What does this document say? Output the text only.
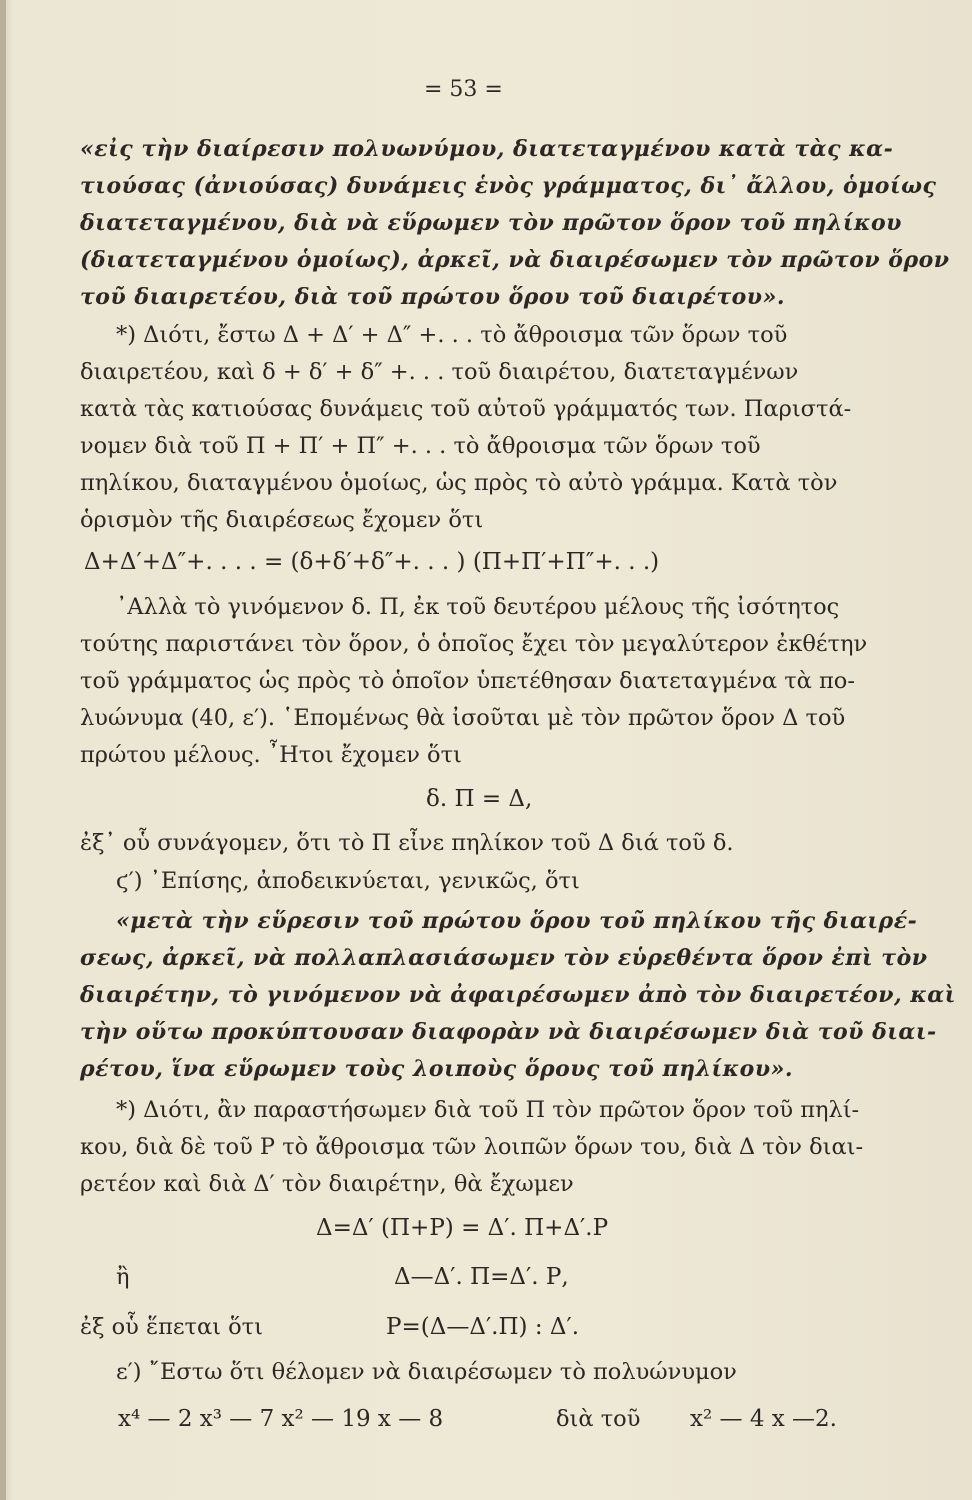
= 53 =
«εἰς τὴν διαίρεσιν πολυωνύμου, διατεταγμένου κατὰ τὰς κα-
τιούσας (ἀνιούσας) δυνάμεις ἑνὸς γράμματος, δι᾽ ἄλλου, ὁμοίως
διατεταγμένου, διὰ νὰ εὕρωμεν τὸν πρῶτον ὅρον τοῦ πηλίκου
(διατεταγμένου ὁμοίως), ἀρκεῖ, νὰ διαιρέσωμεν τὸν πρῶτον ὅρον
τοῦ διαιρετέου, διὰ τοῦ πρώτου ὅρου τοῦ διαιρέτου».
*) Διότι, ἔστω Δ + Δ′ + Δ″ +. . . τὸ ἄθροισμα τῶν ὅρων τοῦ
διαιρετέου, καὶ δ + δ′ + δ″ +. . . τοῦ διαιρέτου, διατεταγμένων
κατὰ τὰς κατιούσας δυνάμεις τοῦ αὐτοῦ γράμματός των. Παριστά-
νομεν διὰ τοῦ Π + Π′ + Π″ +. . . τὸ ἄθροισμα τῶν ὅρων τοῦ
πηλίκου, διαταγμένου ὁμοίως, ὡς πρὸς τὸ αὐτὸ γράμμα. Κατὰ τὸν
ὁρισμὸν τῆς διαιρέσεως ἔχομεν ὅτι
Δ+Δ′+Δ″+. . . . = (δ+δ′+δ″+. . . ) (Π+Π′+Π″+. . .)
᾽Αλλὰ τὸ γινόμενον δ. Π, ἐκ τοῦ δευτέρου μέλους τῆς ἰσότητος
τούτης παριστάνει τὸν ὅρον, ὁ ὁποῖος ἔχει τὸν μεγαλύτερον ἐκθέτην
τοῦ γράμματος ὡς πρὸς τὸ ὁποῖον ὑπετέθησαν διατεταγμένα τὰ πο-
λυώνυμα (40, ε′). ῾Επομένως θὰ ἰσοῦται μὲ τὸν πρῶτον ὅρον Δ τοῦ
πρώτου μέλους. ῏Ητοι ἔχομεν ὅτι
δ. Π = Δ,
ἐξ᾽ οὗ συνάγομεν, ὅτι τὸ Π εἶνε πηλίκον τοῦ Δ διά τοῦ δ.
ϛ′) ᾽Επίσης, ἀποδεικνύεται, γενικῶς, ὅτι
«μετὰ τὴν εὕρεσιν τοῦ πρώτου ὅρου τοῦ πηλίκου τῆς διαιρέ-
σεως, ἀρκεῖ, νὰ πολλαπλασιάσωμεν τὸν εὑρεθέντα ὅρον ἐπὶ τὸν
διαιρέτην, τὸ γινόμενον νὰ ἀφαιρέσωμεν ἀπὸ τὸν διαιρετέον, καὶ
τὴν οὕτω προκύπτουσαν διαφορὰν νὰ διαιρέσωμεν διὰ τοῦ διαι-
ρέτου, ἵνα εὕρωμεν τοὺς λοιποὺς ὅρους τοῦ πηλίκου».
*) Διότι, ἂν παραστήσωμεν διὰ τοῦ Π τὸν πρῶτον ὅρον τοῦ πηλί-
κου, διὰ δὲ τοῦ Ρ τὸ ἄθροισμα τῶν λοιπῶν ὅρων του, διὰ Δ τὸν διαι-
ρετέον καὶ διὰ Δ′ τὸν διαιρέτην, θὰ ἔχωμεν
Δ=Δ′ (Π+Ρ) = Δ′. Π+Δ′.Ρ
ἢ	Δ—Δ′. Π=Δ′. Ρ,
ἐξ οὗ ἕπεται ὅτι	Ρ=(Δ—Δ′.Π) : Δ′.
ε′) ῎Εστω ὅτι θέλομεν νὰ διαιρέσωμεν τὸ πολυώνυμον
x⁴ — 2 x³ — 7 x² — 19 x — 8	διὰ τοῦ x² — 4 x —2.
